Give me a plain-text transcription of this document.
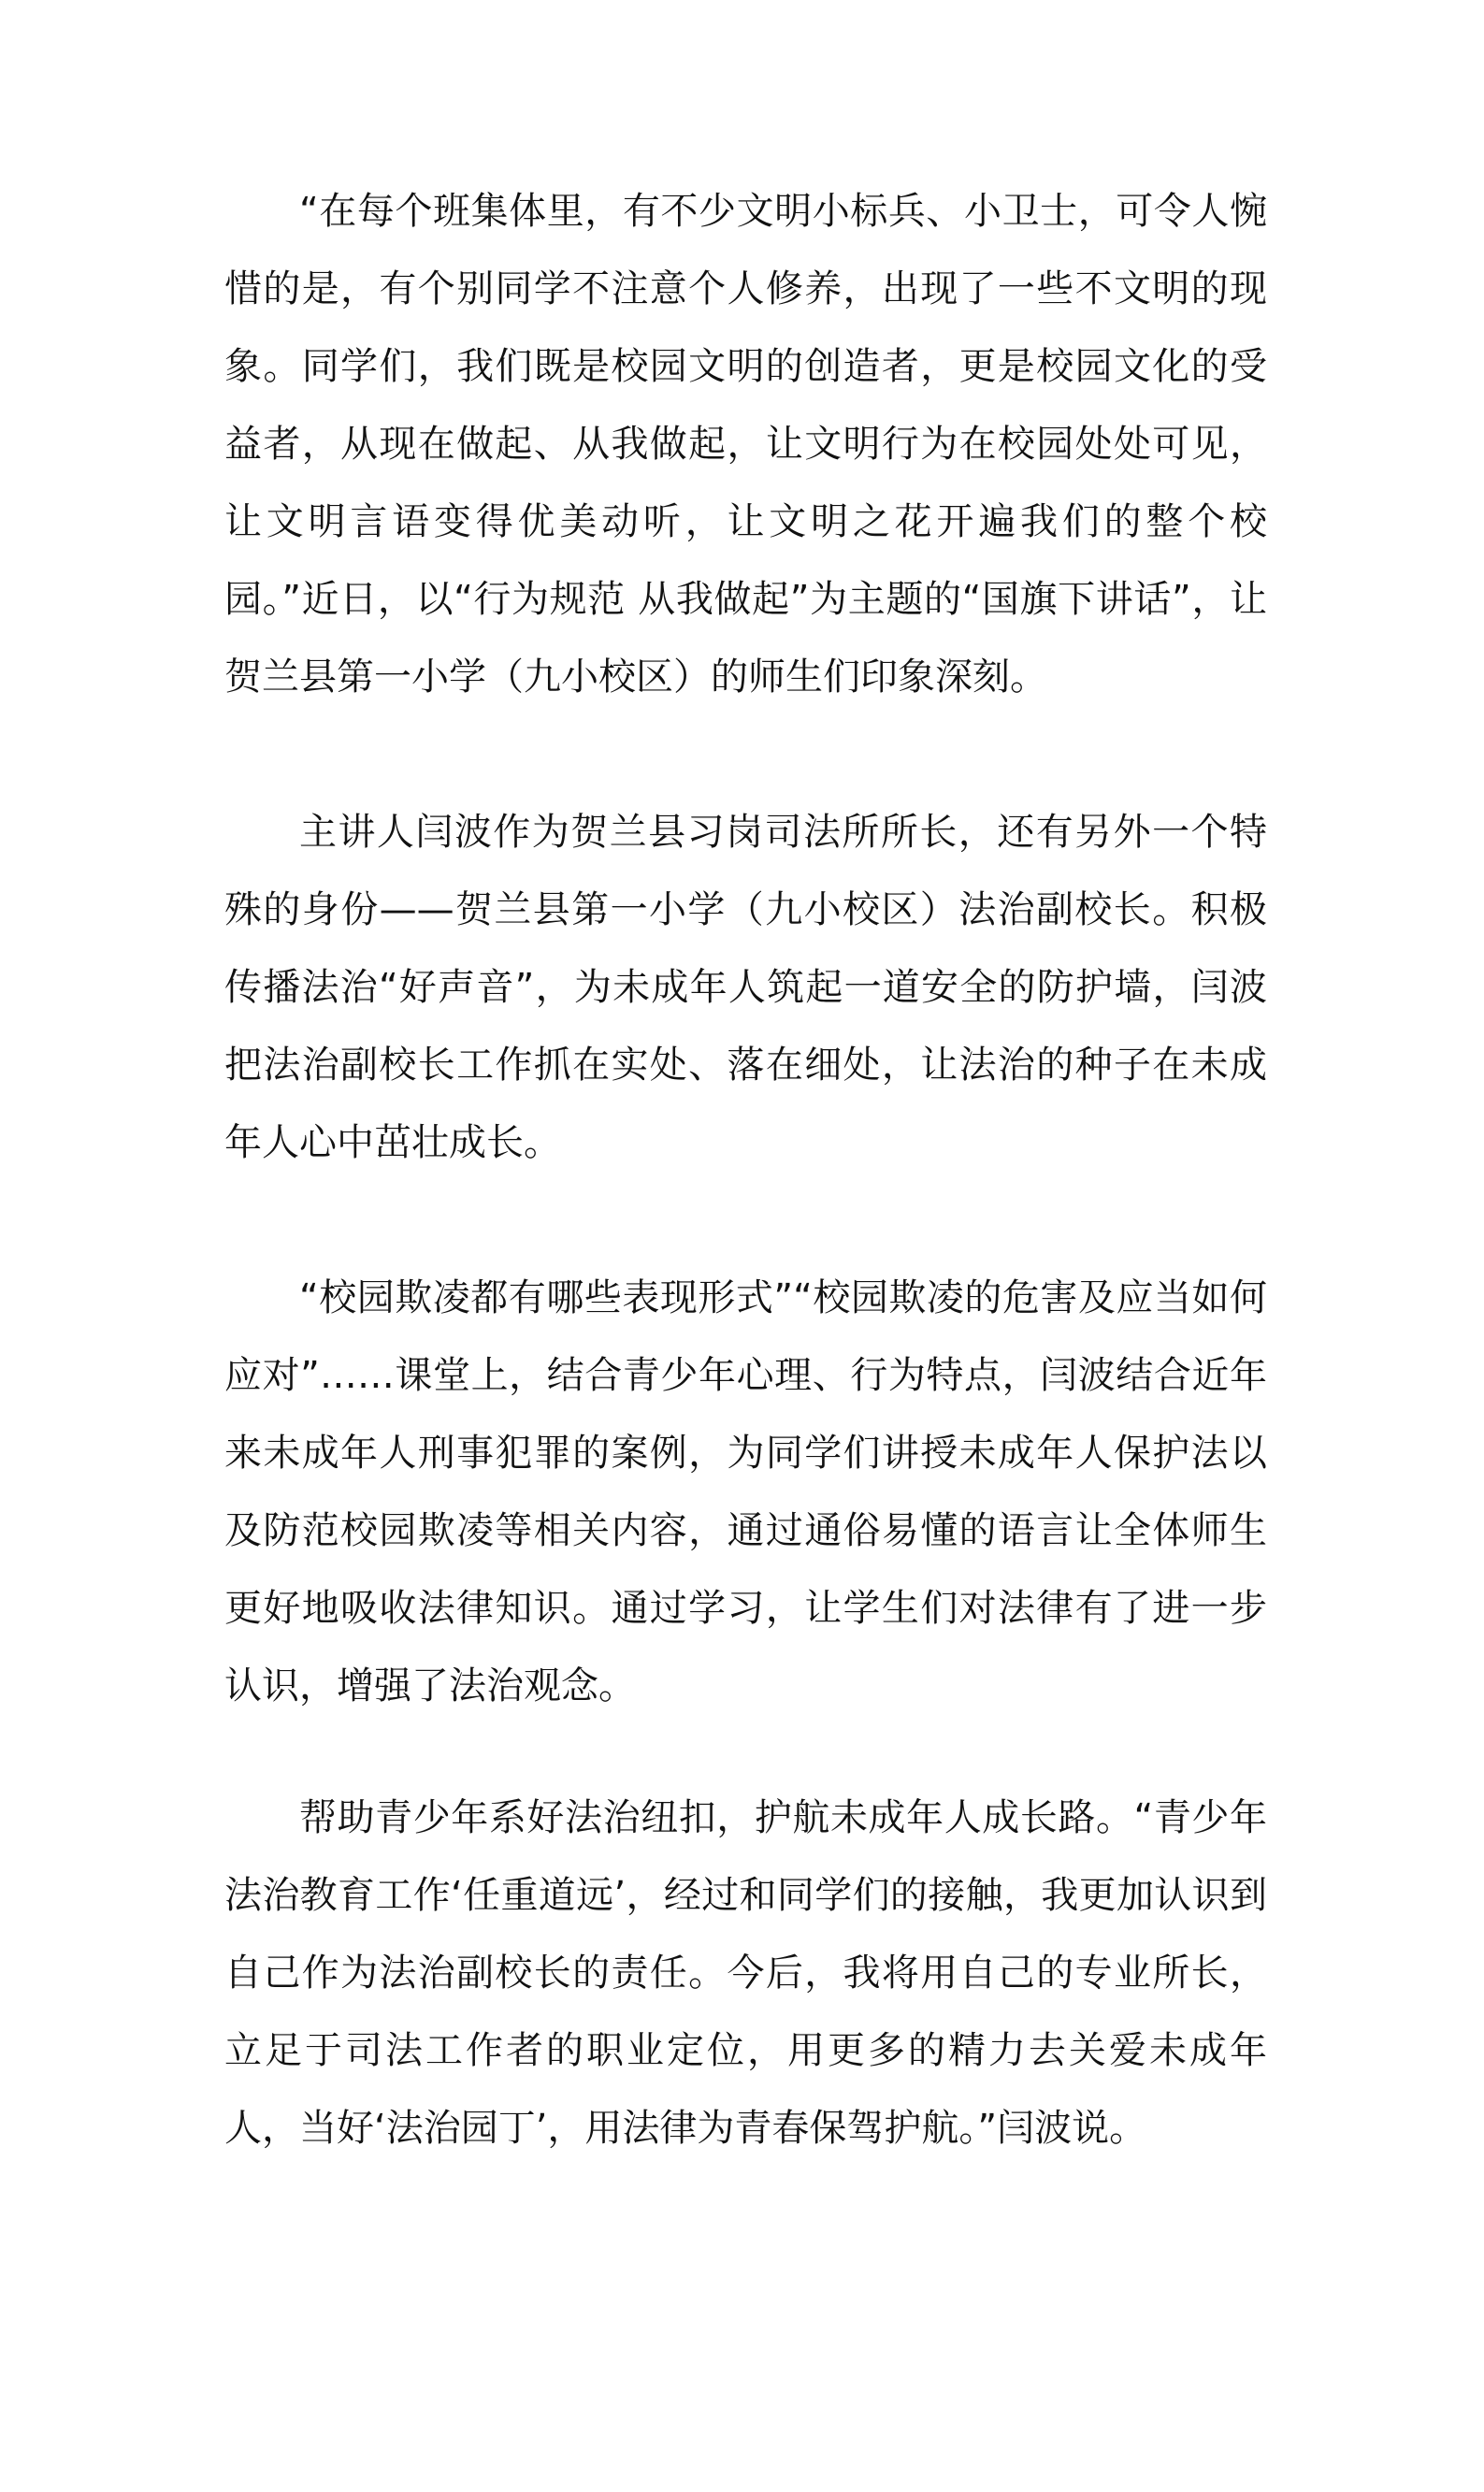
“在每个班集体里，有不少文明小标兵、小卫士，可令人惋惜的是，有个别同学不注意个人修养，出现了一些不文明的现象。同学们，我们既是校园文明的创造者，更是校园文化的受益者，从现在做起、从我做起，让文明行为在校园处处可见，让文明言语变得优美动听，让文明之花开遍我们的整个校园。”近日，以“行为规范 从我做起”为主题的“国旗下讲话”，让贺兰县第一小学（九小校区）的师生们印象深刻。

主讲人闫波作为贺兰县习岗司法所所长，还有另外一个特殊的身份——贺兰县第一小学（九小校区）法治副校长。积极传播法治“好声音”，为未成年人筑起一道安全的防护墙，闫波把法治副校长工作抓在实处、落在细处，让法治的种子在未成年人心中茁壮成长。

“校园欺凌都有哪些表现形式”“校园欺凌的危害及应当如何应对”……课堂上，结合青少年心理、行为特点，闫波结合近年来未成年人刑事犯罪的案例，为同学们讲授未成年人保护法以及防范校园欺凌等相关内容，通过通俗易懂的语言让全体师生更好地吸收法律知识。通过学习，让学生们对法律有了进一步认识，增强了法治观念。

帮助青少年系好法治纽扣，护航未成年人成长路。“青少年法治教育工作‘任重道远’，经过和同学们的接触，我更加认识到自己作为法治副校长的责任。今后，我将用自己的专业所长，立足于司法工作者的职业定位，用更多的精力去关爱未成年人，当好‘法治园丁’，用法律为青春保驾护航。”闫波说。
